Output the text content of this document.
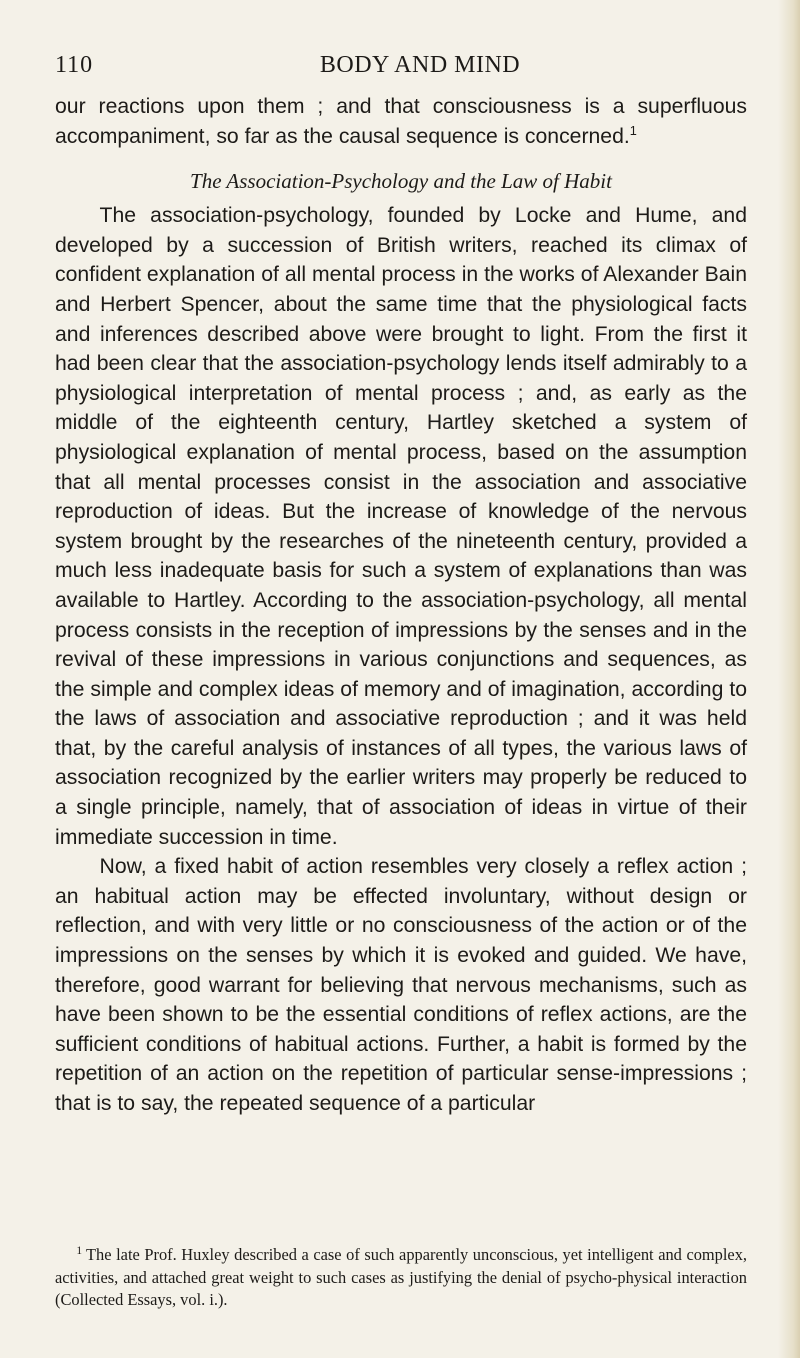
110	BODY AND MIND

our reactions upon them ; and that consciousness is a superfluous accompaniment, so far as the causal sequence is concerned.$^1$

The Association-Psychology and the Law of Habit

The association-psychology, founded by Locke and Hume, and developed by a succession of British writers, reached its climax of confident explanation of all mental process in the works of Alexander Bain and Herbert Spencer, about the same time that the physiological facts and inferences described above were brought to light. From the first it had been clear that the association-psychology lends itself admirably to a physiological interpretation of mental process ; and, as early as the middle of the eighteenth century, Hartley sketched a system of physiological explanation of mental process, based on the assumption that all mental processes consist in the association and associative reproduction of ideas. But the increase of knowledge of the nervous system brought by the researches of the nineteenth century, provided a much less inadequate basis for such a system of explanations than was available to Hartley. According to the association-psychology, all mental process consists in the reception of impressions by the senses and in the revival of these impressions in various conjunctions and sequences, as the simple and complex ideas of memory and of imagination, according to the laws of association and associative reproduction ; and it was held that, by the careful analysis of instances of all types, the various laws of association recognized by the earlier writers may properly be reduced to a single principle, namely, that of association of ideas in virtue of their immediate succession in time.

Now, a fixed habit of action resembles very closely a reflex action ; an habitual action may be effected involuntary, without design or reflection, and with very little or no consciousness of the action or of the impressions on the senses by which it is evoked and guided. We have, therefore, good warrant for believing that nervous mechanisms, such as have been shown to be the essential conditions of reflex actions, are the sufficient conditions of habitual actions. Further, a habit is formed by the repetition of an action on the repetition of particular sense-impressions ; that is to say, the repeated sequence of a particular

$^1$ The late Prof. Huxley described a case of such apparently unconscious, yet intelligent and complex, activities, and attached great weight to such cases as justifying the denial of psycho-physical interaction (Collected Essays, vol. i.).
